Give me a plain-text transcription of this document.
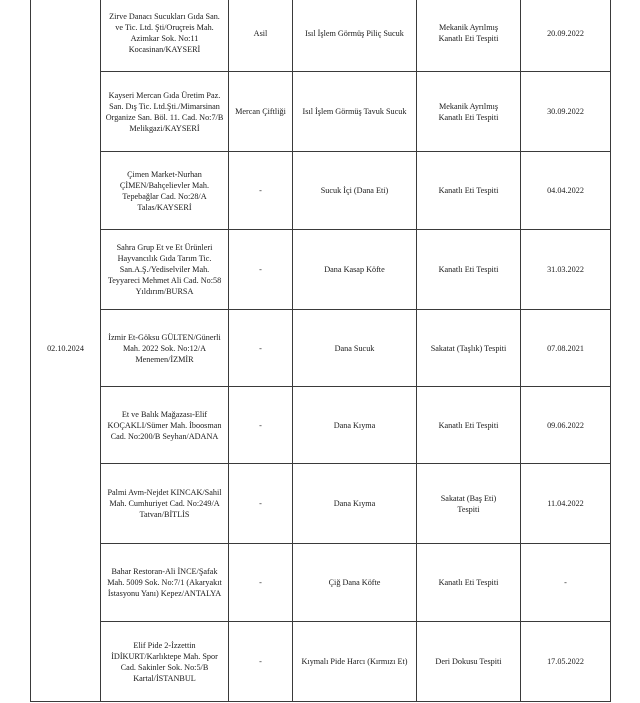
02.10.2024	Zirve Danacı Sucukları Gıda San.
ve Tic. Ltd. Şti/Oruçreis Mah.
Azimkar Sok. No:11
Kocasinan/KAYSERİ	Asil	Isıl İşlem Görmüş Piliç Sucuk	Mekanik Ayrılmış
Kanatlı Eti Tespiti	20.09.2022
	Kayseri Mercan Gıda Üretim Paz.
San. Dış Tic. Ltd.Şti./Mimarsinan
Organize San. Böl. 11. Cad. No:7/B
Melikgazi/KAYSERİ	Mercan Çiftliği	Isıl İşlem Görmüş Tavuk Sucuk	Mekanik Ayrılmış
Kanatlı Eti Tespiti	30.09.2022
	Çimen Market-Nurhan
ÇİMEN/Bahçelievler Mah.
Tepebağlar Cad. No:28/A
Talas/KAYSERİ	-	Sucuk İçi (Dana Eti)	Kanatlı Eti Tespiti	04.04.2022
	Sahra Grup Et ve Et Ürünleri
Hayvancılık Gıda Tarım Tic.
San.A.Ş./Yediselviler Mah.
Teyyareci Mehmet Ali Cad. No:58
Yıldırım/BURSA	-	Dana Kasap Köfte	Kanatlı Eti Tespiti	31.03.2022
	İzmir Et-Göksu GÜLTEN/Günerli
Mah. 2022 Sok. No:12/A
Menemen/İZMİR	-	Dana Sucuk	Sakatat (Taşlık) Tespiti	07.08.2021
	Et ve Balık Mağazası-Elif
KOÇAKLI/Sümer Mah. İboosman
Cad. No:200/B Seyhan/ADANA	-	Dana Kıyma	Kanatlı Eti Tespiti	09.06.2022
	Palmi Avm-Nejdet KINCAK/Sahil
Mah. Cumhuriyet Cad. No:249/A
Tatvan/BİTLİS	-	Dana Kıyma	Sakatat (Baş Eti)
Tespiti	11.04.2022
	Bahar Restoran-Ali İNCE/Şafak
Mah. 5009 Sok. No:7/1 (Akaryakıt
İstasyonu Yanı) Kepez/ANTALYA	-	Çiğ Dana Köfte	Kanatlı Eti Tespiti	-
	Elif Pide 2-İzzettin
İDİKURT/Karlıktepe Mah. Spor
Cad. Sakinler Sok. No:5/B
Kartal/İSTANBUL	-	Kıymalı Pide Harcı (Kırmızı Et)	Deri Dokusu Tespiti	17.05.2022
